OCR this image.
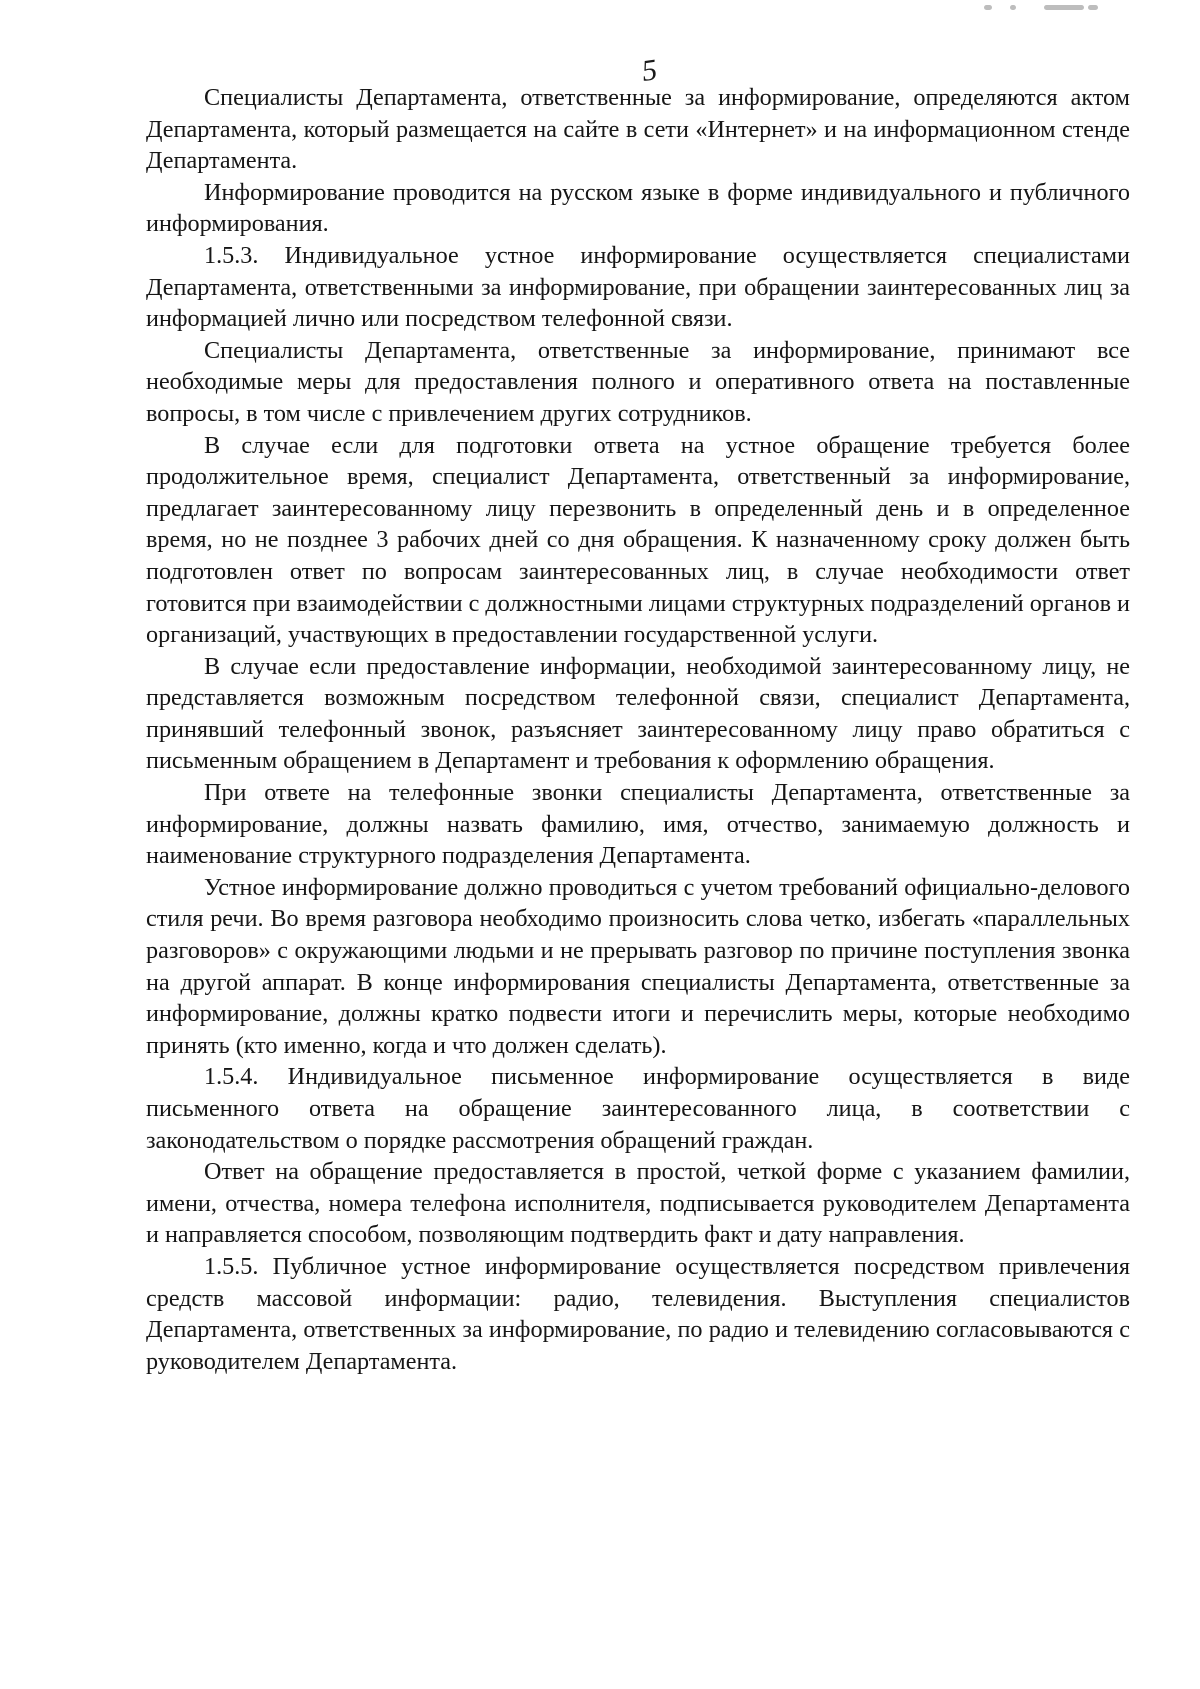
5

Специалисты Департамента, ответственные за информирование, определяются актом Департамента, который размещается на сайте в сети «Интернет» и на информационном стенде Департамента.

Информирование проводится на русском языке в форме индивидуального и публичного информирования.

1.5.3. Индивидуальное устное информирование осуществляется специалистами Департамента, ответственными за информирование, при обращении заинтересованных лиц за информацией лично или посредством телефонной связи.

Специалисты Департамента, ответственные за информирование, принимают все необходимые меры для предоставления полного и оперативного ответа на поставленные вопросы, в том числе с привлечением других сотрудников.

В случае если для подготовки ответа на устное обращение требуется более продолжительное время, специалист Департамента, ответственный за информирование, предлагает заинтересованному лицу перезвонить в определенный день и в определенное время, но не позднее 3 рабочих дней со дня обращения. К назначенному сроку должен быть подготовлен ответ по вопросам заинтересованных лиц, в случае необходимости ответ готовится при взаимодействии с должностными лицами структурных подразделений органов и организаций, участвующих в предоставлении государственной услуги.

В случае если предоставление информации, необходимой заинтересованному лицу, не представляется возможным посредством телефонной связи, специалист Департамента, принявший телефонный звонок, разъясняет заинтересованному лицу право обратиться с письменным обращением в Департамент и требования к оформлению обращения.

При ответе на телефонные звонки специалисты Департамента, ответственные за информирование, должны назвать фамилию, имя, отчество, занимаемую должность и наименование структурного подразделения Департамента.

Устное информирование должно проводиться с учетом требований официально-делового стиля речи. Во время разговора необходимо произносить слова четко, избегать «параллельных разговоров» с окружающими людьми и не прерывать разговор по причине поступления звонка на другой аппарат. В конце информирования специалисты Департамента, ответственные за информирование, должны кратко подвести итоги и перечислить меры, которые необходимо принять (кто именно, когда и что должен сделать).

1.5.4. Индивидуальное письменное информирование осуществляется в виде письменного ответа на обращение заинтересованного лица, в соответствии с законодательством о порядке рассмотрения обращений граждан.

Ответ на обращение предоставляется в простой, четкой форме с указанием фамилии, имени, отчества, номера телефона исполнителя, подписывается руководителем Департамента и направляется способом, позволяющим подтвердить факт и дату направления.

1.5.5. Публичное устное информирование осуществляется посредством привлечения средств массовой информации: радио, телевидения. Выступления специалистов Департамента, ответственных за информирование, по радио и телевидению согласовываются с руководителем Департамента.
